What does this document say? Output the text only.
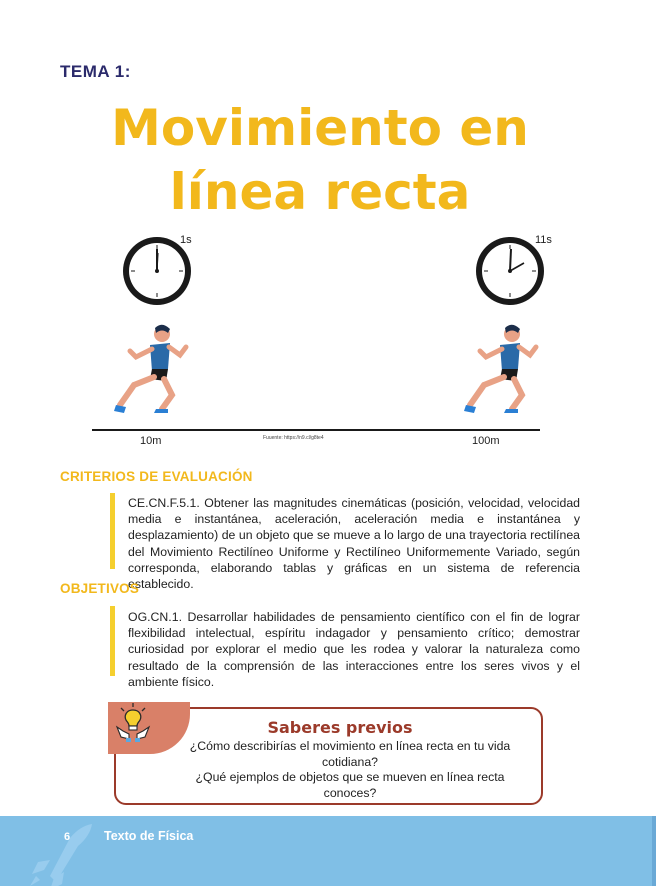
TEMA 1:
Movimiento en
línea recta
1s	11s
10m	Fuuente: https://n9.cl/g8te4	100m
CRITERIOS DE EVALUACIÓN
CE.CN.F.5.1. Obtener las magnitudes cinemáticas (posición, velocidad, velocidad media e instantánea, aceleración, aceleración media e instantánea y desplazamiento) de un objeto que se mueve a lo largo de una trayectoria rectilínea del Movimiento Rectilíneo Uniforme y Rectilíneo Uniformemente Variado, según corresponda, elaborando tablas y gráficas en un sistema de referencia establecido.
OBJETIVOS
OG.CN.1. Desarrollar habilidades de pensamiento científico con el fin de lograr flexibilidad intelectual, espíritu indagador y pensamiento crítico; demostrar curiosidad por explorar el medio que les rodea y valorar la naturaleza como resultado de la comprensión de las interacciones entre los seres vivos y el ambiente físico.
Saberes previos
¿Cómo describirías el movimiento en línea recta en tu vida cotidiana?
¿Qué ejemplos de objetos que se mueven en línea recta conoces?
6	Texto de Física
